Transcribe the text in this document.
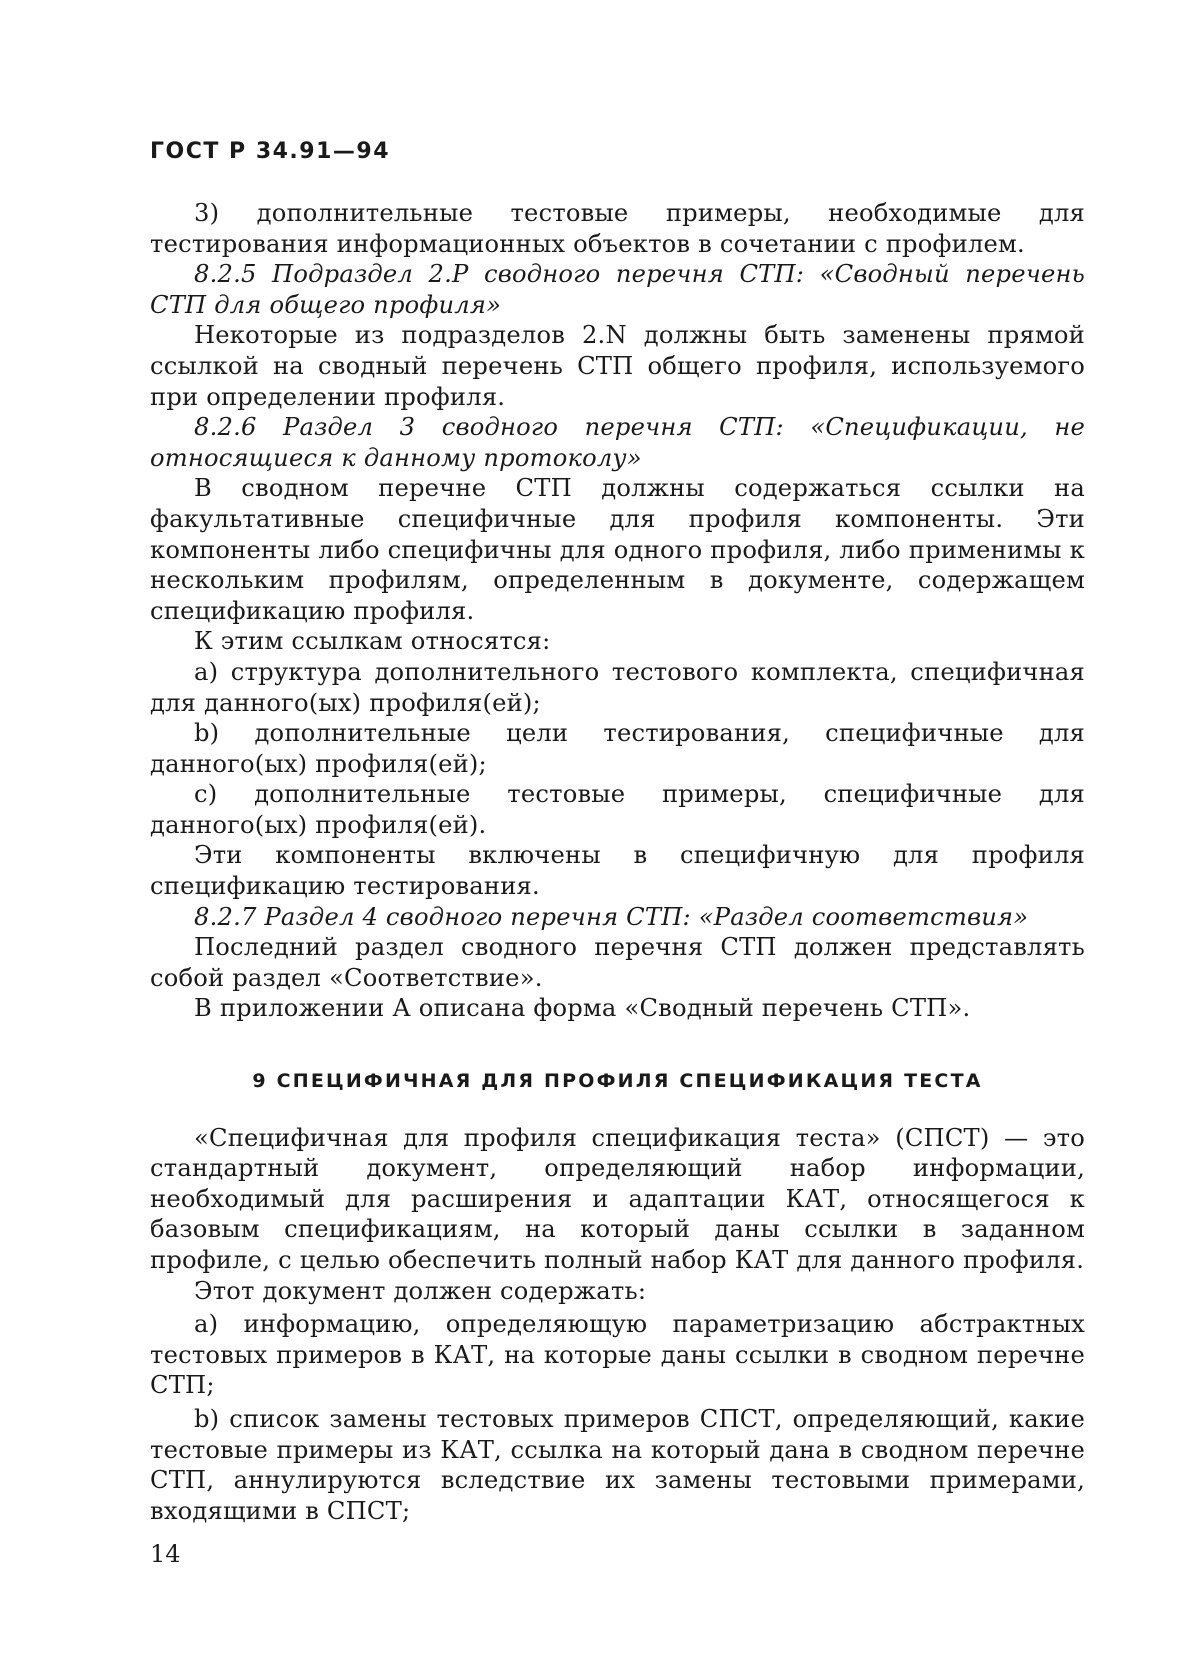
ГОСТ Р 34.91—94

3) дополнительные тестовые примеры, необходимые для тестирования информационных объектов в сочетании с профилем.

8.2.5 Подраздел 2.Р сводного перечня СТП: «Сводный перечень СТП для общего профиля»

Некоторые из подразделов 2.N должны быть заменены прямой ссылкой на сводный перечень СТП общего профиля, используемого при определении профиля.

8.2.6 Раздел 3 сводного перечня СТП: «Спецификации, не относящиеся к данному протоколу»

В сводном перечне СТП должны содержаться ссылки на факультативные специфичные для профиля компоненты. Эти компоненты либо специфичны для одного профиля, либо применимы к нескольким профилям, определенным в документе, содержащем спецификацию профиля.

К этим ссылкам относятся:

а) структура дополнительного тестового комплекта, специфичная для данного(ых) профиля(ей);

b) дополнительные цели тестирования, специфичные для данного(ых) профиля(ей);

c) дополнительные тестовые примеры, специфичные для данного(ых) профиля(ей).

Эти компоненты включены в специфичную для профиля спецификацию тестирования.

8.2.7 Раздел 4 сводного перечня СТП: «Раздел соответствия»

Последний раздел сводного перечня СТП должен представлять собой раздел «Соответствие».

В приложении А описана форма «Сводный перечень СТП».

9 СПЕЦИФИЧНАЯ ДЛЯ ПРОФИЛЯ СПЕЦИФИКАЦИЯ ТЕСТА

«Специфичная для профиля спецификация теста» (СПСТ) — это стандартный документ, определяющий набор информации, необходимый для расширения и адаптации КАТ, относящегося к базовым спецификациям, на который даны ссылки в заданном профиле, с целью обеспечить полный набор КАТ для данного профиля.

Этот документ должен содержать:

а) информацию, определяющую параметризацию абстрактных тестовых примеров в КАТ, на которые даны ссылки в сводном перечне СТП;

b) список замены тестовых примеров СПСТ, определяющий, какие тестовые примеры из КАТ, ссылка на который дана в сводном перечне СТП, аннулируются вследствие их замены тестовыми примерами, входящими в СПСТ;

14
